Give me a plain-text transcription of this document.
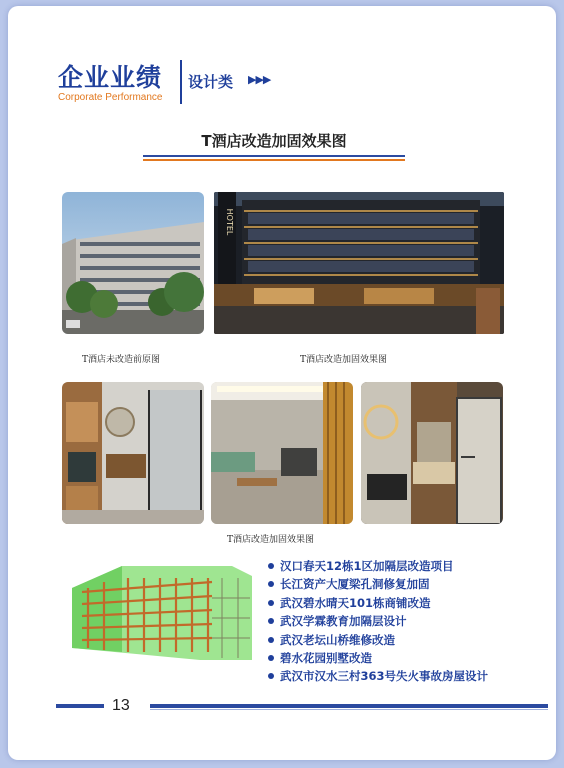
企业业绩
Corporate Performance
设计类 ▶▶▶
T酒店改造加固效果图
HOTEL
T酒店未改造前原图	T酒店改造加固效果图
T酒店改造加固效果图
汉口春天12栋1区加隔层改造项目
长江资产大厦梁孔洞修复加固
武汉碧水晴天101栋商铺改造
武汉学霖教育加隔层设计
武汉老坛山桥维修改造
碧水花园别墅改造
武汉市汉水三村363号失火事故房屋设计
13
